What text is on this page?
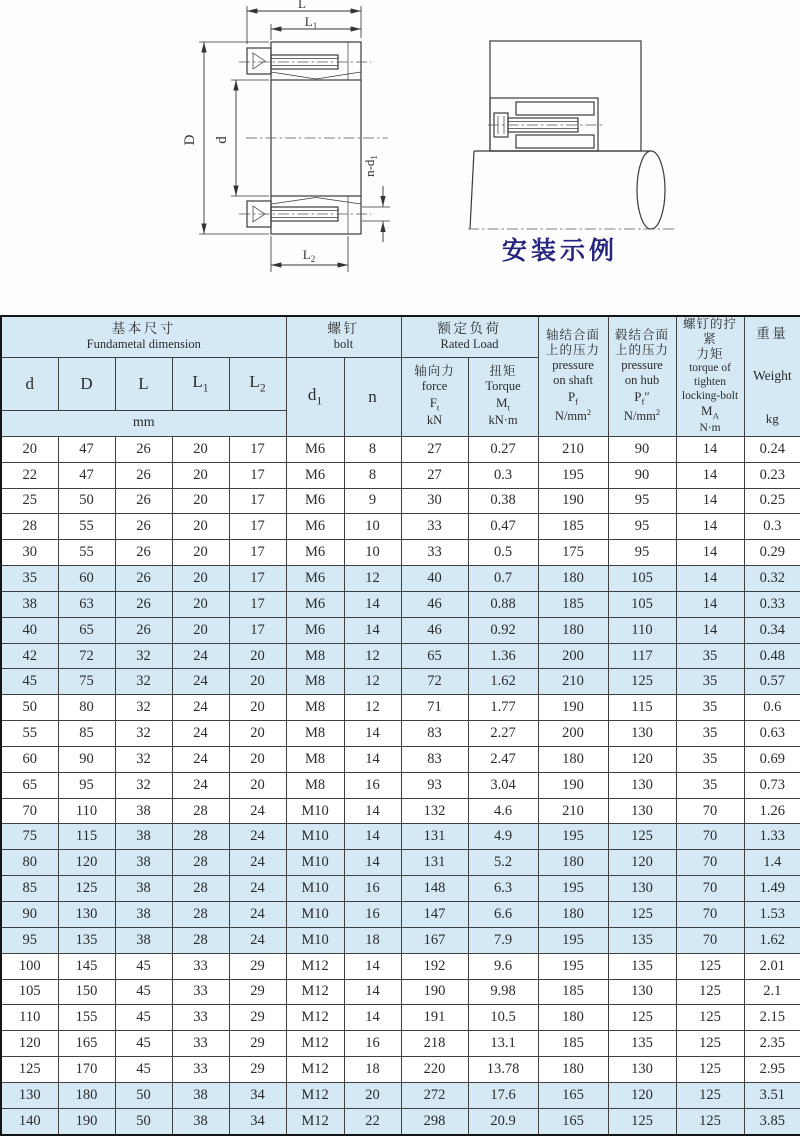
L
$L_1$
D d
$n-d_1$
$L_2$	安装示例
基本尺寸
Fundametal dimension

螺钉
bolt

额定负荷
Rated Load

轴结合面
上的压力
pressure
on shaft
$P_f$
$N/mm^2$

毂结合面
上的压力
pressure
on hub
$P_f''$
$N/mm^2$

螺钉的拧紧
力矩
torque of
tighten
locking-bolt
$M_A$
N·m

重量
Weight
kg

d	D	L	$L_1$	$L_2$	$d_1$	n	
轴向力
force
$F_t$
kN

扭矩
Torque
$M_t$
kN·m

mm												
20	47	26	20	17	M6	8	27	0.27	210	90	14	0.24
22	47	26	20	17	M6	8	27	0.3	195	90	14	0.23
25	50	26	20	17	M6	9	30	0.38	190	95	14	0.25
28	55	26	20	17	M6	10	33	0.47	185	95	14	0.3
30	55	26	20	17	M6	10	33	0.5	175	95	14	0.29
35	60	26	20	17	M6	12	40	0.7	180	105	14	0.32
38	63	26	20	17	M6	14	46	0.88	185	105	14	0.33
40	65	26	20	17	M6	14	46	0.92	180	110	14	0.34
42	72	32	24	20	M8	12	65	1.36	200	117	35	0.48
45	75	32	24	20	M8	12	72	1.62	210	125	35	0.57
50	80	32	24	20	M8	12	71	1.77	190	115	35	0.6
55	85	32	24	20	M8	14	83	2.27	200	130	35	0.63
60	90	32	24	20	M8	14	83	2.47	180	120	35	0.69
65	95	32	24	20	M8	16	93	3.04	190	130	35	0.73
70	110	38	28	24	M10	14	132	4.6	210	130	70	1.26
75	115	38	28	24	M10	14	131	4.9	195	125	70	1.33
80	120	38	28	24	M10	14	131	5.2	180	120	70	1.4
85	125	38	28	24	M10	16	148	6.3	195	130	70	1.49
90	130	38	28	24	M10	16	147	6.6	180	125	70	1.53
95	135	38	28	24	M10	18	167	7.9	195	135	70	1.62
100	145	45	33	29	M12	14	192	9.6	195	135	125	2.01
105	150	45	33	29	M12	14	190	9.98	185	130	125	2.1
110	155	45	33	29	M12	14	191	10.5	180	125	125	2.15
120	165	45	33	29	M12	16	218	13.1	185	135	125	2.35
125	170	45	33	29	M12	18	220	13.78	180	130	125	2.95
130	180	50	38	34	M12	20	272	17.6	165	120	125	3.51
140	190	50	38	34	M12	22	298	20.9	165	125	125	3.85
